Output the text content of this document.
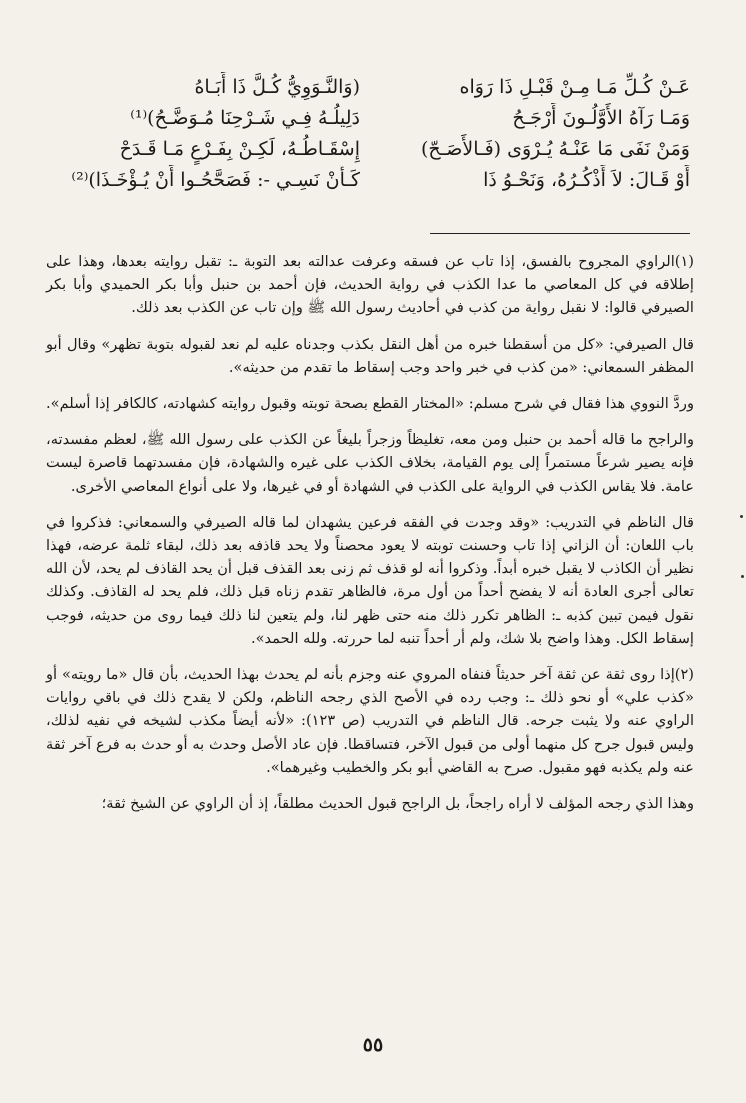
عَـنْ كُـلِّ مَـا مِـنْ قَبْـلِ ذَا رَوَاه
(وَالنَّـوَوِيُّ كُـلَّ ذَا أَبَـاهُ
وَمَـا رَآهُ الأَوَّلُـونَ أَرْجَـحُ
دَلِيلُـهُ فِـي شَـرْحِنَا مُـوَضَّـحُ)⁽¹⁾
وَمَنْ نَفَى مَا عَنْـهُ يُـرْوَى (فَـالأَصَـحّ)
إِسْقَـاطُـهُ، لَكِـنْ بِفَـرْعٍ مَـا قَـدَحْ
أَوْ قَـالَ: لاَ أَذْكُـرُهُ، وَنَحْـوُ ذَا
كَـأَنْ نَسِـي -: فَصَحَّحُـوا أَنْ يُـؤْخَـذَا)⁽²⁾

(١)الراوي المجروح بالفسق، إذا تاب عن فسقه وعرفت عدالته بعد التوبة ـ: تقبل روايته بعدها، وهذا على إطلاقه في كل المعاصي ما عدا الكذب في رواية الحديث، فإن أحمد بن حنبل وأبا بكر الحميدي وأبا بكر الصيرفي قالوا: لا نقبل رواية من كذب في أحاديث رسول الله ﷺ وإن تاب عن الكذب بعد ذلك.

قال الصيرفي: «كل من أسقطنا خبره من أهل النقل بكذب وجدناه عليه لم نعد لقبوله بتوبة تظهر» وقال أبو المظفر السمعاني: «من كذب في خبر واحد وجب إسقاط ما تقدم من حديثه».

وردَّ النووي هذا فقال في شرح مسلم: «المختار القطع بصحة توبته وقبول روايته كشهادته، كالكافر إذا أسلم».

والراجح ما قاله أحمد بن حنبل ومن معه، تغليظاً وزجراً بليغاً عن الكذب على رسول الله ﷺ، لعظم مفسدته، فإنه يصير شرعاً مستمراً إلى يوم القيامة، بخلاف الكذب على غيره والشهادة، فإن مفسدتهما قاصرة ليست عامة. فلا يقاس الكذب في الرواية على الكذب في الشهادة أو في غيرها، ولا على أنواع المعاصي الأخرى.

قال الناظم في التدريب: «وقد وجدت في الفقه فرعين يشهدان لما قاله الصيرفي والسمعاني: فذكروا في باب اللعان: أن الزاني إذا تاب وحسنت توبته لا يعود محصناً ولا يحد قاذفه بعد ذلك، لبقاء ثلمة عرضه، فهذا نظير أن الكاذب لا يقبل خبره أبداً. وذكروا أنه لو قذف ثم زنى بعد القذف قبل أن يحد القاذف لم يحد، لأن الله تعالى أجرى العادة أنه لا يفضح أحداً من أول مرة، فالظاهر تقدم زناه قبل ذلك، فلم يحد له القاذف. وكذلك نقول فيمن تبين كذبه ـ: الظاهر تكرر ذلك منه حتى ظهر لنا، ولم يتعين لنا ذلك فيما روى من حديثه، فوجب إسقاط الكل. وهذا واضح بلا شك، ولم أر أحداً تنبه لما حررته. ولله الحمد».

(٢)إذا روى ثقة عن ثقة آخر حديثاً فنفاه المروي عنه وجزم بأنه لم يحدث بهذا الحديث، بأن قال «ما رويته» أو «كذب علي» أو نحو ذلك ـ: وجب رده في الأصح الذي رجحه الناظم، ولكن لا يقدح ذلك في باقي روايات الراوي عنه ولا يثبت جرحه. قال الناظم في التدريب (ص ١٢٣): «لأنه أيضاً مكذب لشيخه في نفيه لذلك، وليس قبول جرح كل منهما أولى من قبول الآخر، فتساقطا. فإن عاد الأصل وحدث به أو حدث به فرع آخر ثقة عنه ولم يكذبه فهو مقبول. صرح به القاضي أبو بكر والخطيب وغيرهما».

وهذا الذي رجحه المؤلف لا أراه راجحاً، بل الراجح قبول الحديث مطلقاً، إذ أن الراوي عن الشيخ ثقة؛

٥٥
